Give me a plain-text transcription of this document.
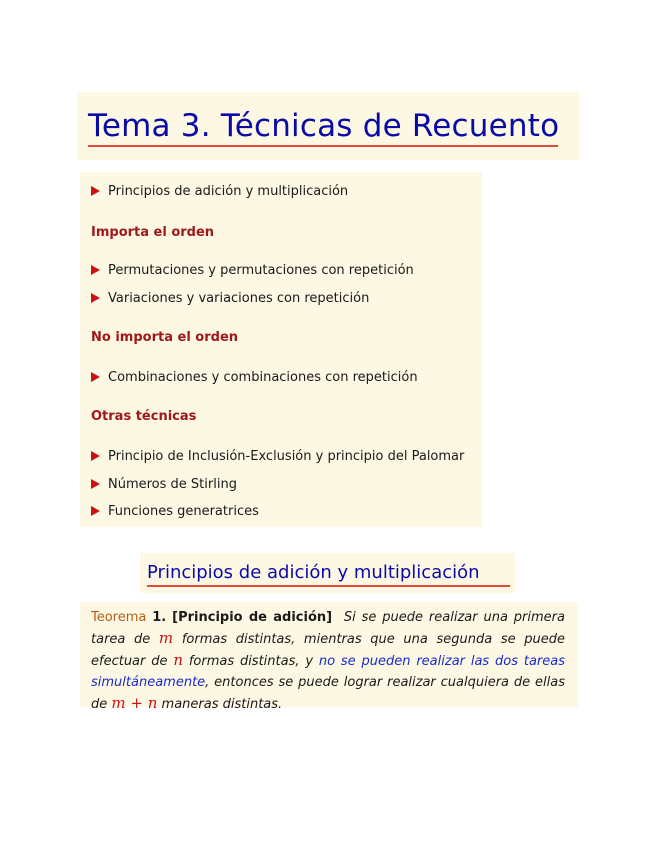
Tema 3. Técnicas de Recuento
Principios de adición y multiplicación
Importa el orden
Permutaciones y permutaciones con repetición
Variaciones y variaciones con repetición
No importa el orden
Combinaciones y combinaciones con repetición
Otras técnicas
Principio de Inclusión-Exclusión y principio del Palomar
Números de Stirling
Funciones generatrices
Principios de adición y multiplicación
Teorema 1. [Principio de adición] Si se puede realizar una primera tarea de m formas distintas, mientras que una segunda se puede efectuar de n formas distintas, y no se pueden realizar las dos tareas simultáneamente, entonces se puede lograr realizar cualquiera de ellas de m + n maneras distintas.
